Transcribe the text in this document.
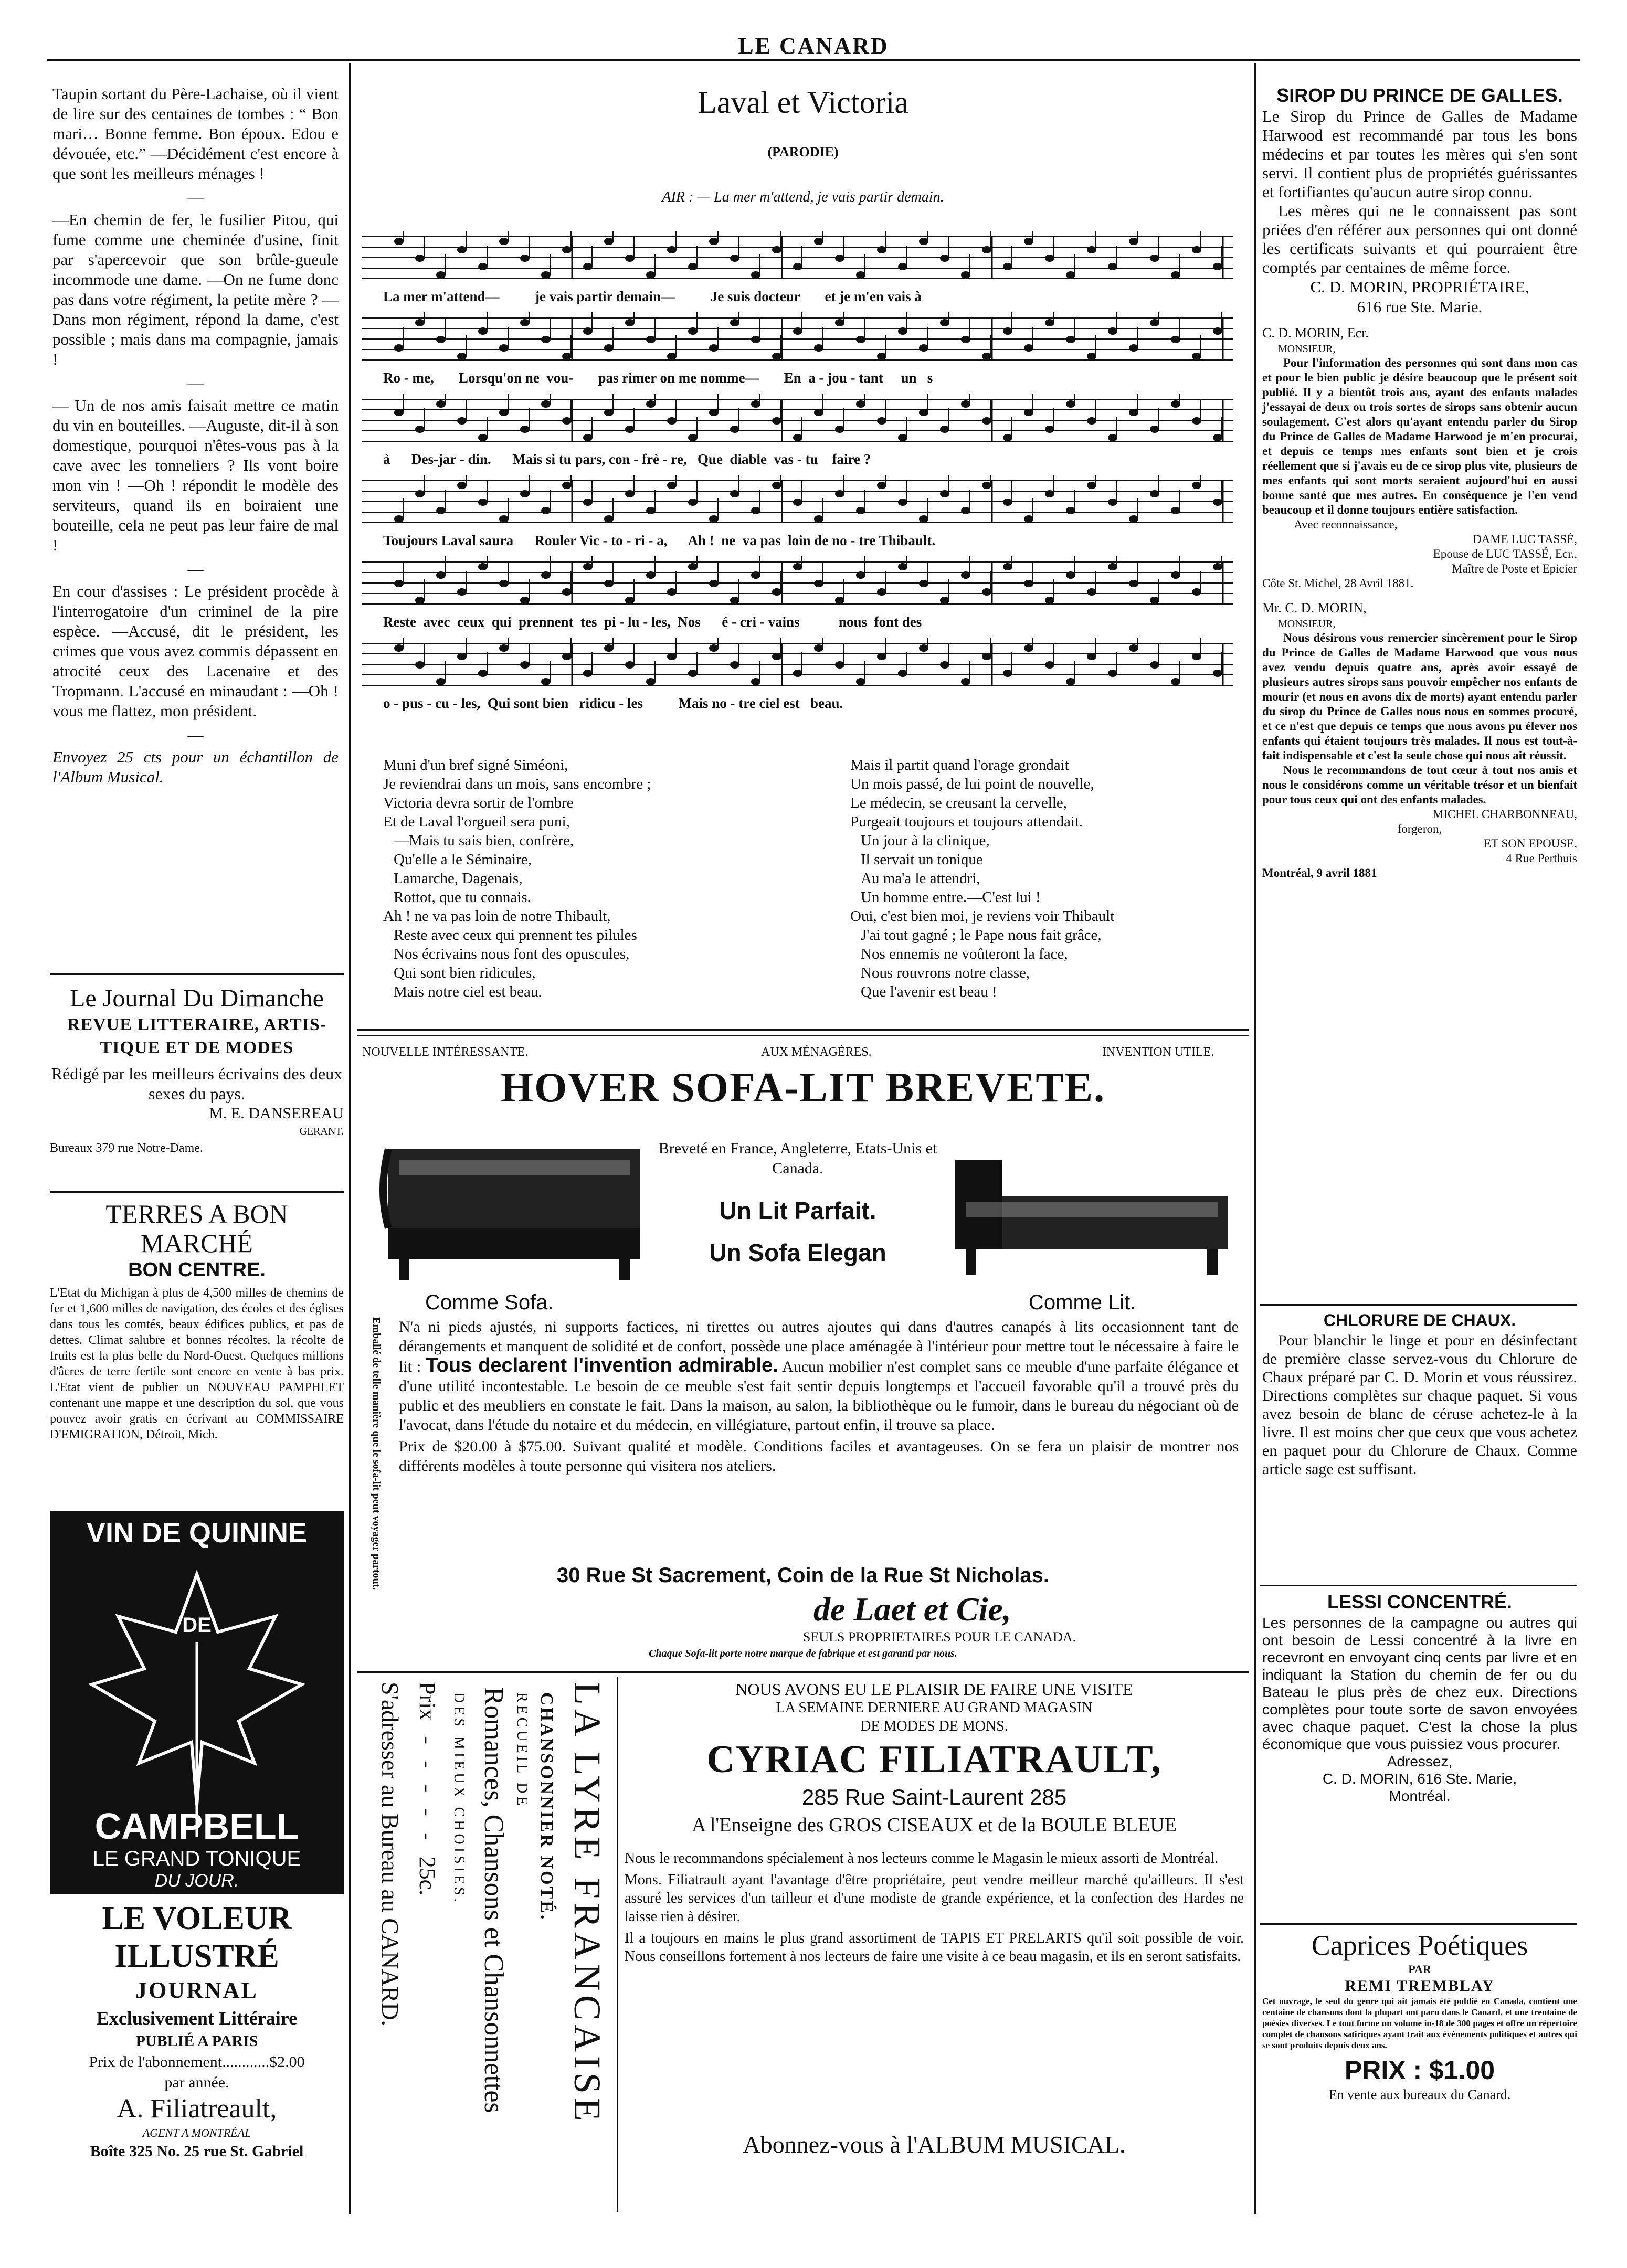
LE CANARD

Taupin sortant du Père-Lachaise, où il vient de lire sur des centaines de tombes : “ Bon mari… Bonne femme. Bon époux. Edou e dévouée, etc.” —Décidément c'est encore à que sont les meilleurs ménages !

—

—En chemin de fer, le fusilier Pitou, qui fume comme une cheminée d'usine, finit par s'apercevoir que son brûle-gueule incommode une dame. —On ne fume donc pas dans votre régiment, la petite mère ? —Dans mon régiment, répond la dame, c'est possible ; mais dans ma compagnie, jamais !

—

— Un de nos amis faisait mettre ce matin du vin en bouteilles. —Auguste, dit-il à son domestique, pourquoi n'êtes-vous pas à la cave avec les tonneliers ? Ils vont boire mon vin ! —Oh ! répondit le modèle des serviteurs, quand ils en boiraient une bouteille, cela ne peut pas leur faire de mal !

—

En cour d'assises : Le président procède à l'interrogatoire d'un criminel de la pire espèce. —Accusé, dit le président, les crimes que vous avez commis dépassent en atrocité ceux des Lacenaire et des Tropmann. L'accusé en minaudant : —Oh ! vous me flattez, mon président.

—

Envoyez 25 cts pour un échantillon de l'Album Musical.

Le Journal Du Dimanche
REVUE LITTERAIRE, ARTIS-
TIQUE ET DE MODES
Rédigé par les meilleurs écrivains des deux sexes du pays.
M. E. DANSEREAU
GERANT.
Bureaux 379 rue Notre-Dame.
TERRES A BON MARCHÉ
BON CENTRE.
L'Etat du Michigan à plus de 4,500 milles de chemins de fer et 1,600 milles de navigation, des écoles et des églises dans tous les comtés, beaux édifices publics, et pas de dettes. Climat salubre et bonnes récoltes, la récolte de fruits est la plus belle du Nord-Ouest. Quelques millions d'âcres de terre fertile sont encore en vente à bas prix. L'Etat vient de publier un NOUVEAU PAMPHLET contenant une mappe et une description du sol, que vous pouvez avoir gratis en écrivant au COMMISSAIRE D'EMIGRATION, Détroit, Mich.
VIN DE QUININE
DE
CAMPBELL
LE GRAND TONIQUE
DU JOUR.
LE VOLEUR ILLUSTRÉ
JOURNAL
Exclusivement Littéraire
PUBLIÉ A PARIS
Prix de l'abonnement............$2.00
par année.
A. Filiatreault,
AGENT A MONTRÉAL
Boîte 325 No. 25 rue St. Gabriel
Laval et Victoria
(PARODIE)
AIR : — La mer m'attend, je vais partir demain.
La mer m'attend—          je vais partir demain—          Je suis docteur       et je m'en vais à
Ro - me,       Lorsqu'on ne  vou-       pas rimer on me nomme—       En  a - jou - tant     un   s
à      Des-jar - din.      Mais si tu pars, con - frè - re,   Que  diable  vas - tu    faire ?
Toujours Laval saura      Rouler Vic - to - ri - a,      Ah !  ne  va pas  loin de no - tre Thibault.
Reste  avec  ceux  qui  prennent  tes  pi - lu - les,  Nos      é - cri - vains           nous  font des
o - pus - cu - les,  Qui sont bien   ridicu - les          Mais no - tre ciel est   beau.
Muni d'un bref signé Siméoni,
Je reviendrai dans un mois, sans encombre ;
Victoria devra sortir de l'ombre
Et de Laval l'orgueil sera puni,
—Mais tu sais bien, confrère,
Qu'elle a le Séminaire,
Lamarche, Dagenais,
Rottot, que tu connais.
Ah ! ne va pas loin de notre Thibault,
Reste avec ceux qui prennent tes pilules
Nos écrivains nous font des opuscules,
Qui sont bien ridicules,
Mais notre ciel est beau.
Mais il partit quand l'orage grondait
Un mois passé, de lui point de nouvelle,
Le médecin, se creusant la cervelle,
Purgeait toujours et toujours attendait.
Un jour à la clinique,
Il servait un tonique
Au ma'a le attendri,
Un homme entre.—C'est lui !
Oui, c'est bien moi, je reviens voir Thibault
J'ai tout gagné ; le Pape nous fait grâce,
Nos ennemis ne voûteront la face,
Nous rouvrons notre classe,
Que l'avenir est beau !
NOUVELLE INTÉRESSANTE.	AUX MÉNAGÈRES.	INVENTION UTILE.
HOVER SOFA-LIT BREVETE.
Breveté en France, Angleterre, Etats-Unis et Canada.
Un Lit Parfait.
Un Sofa Elegan
Comme Sofa.	Comme Lit.
Emballé de telle manière que le sofa-lit peut voyager partout. N'a ni pieds ajustés, ni supports factices, ni tirettes ou autres ajoutes qui dans d'autres canapés à lits occasionnent tant de dérangements et manquent de solidité et de confort, possède une place aménagée à l'intérieur pour mettre tout le nécessaire à faire le lit : Tous declarent l'invention admirable. Aucun mobilier n'est complet sans ce meuble d'une parfaite élégance et d'une utilité incontestable. Le besoin de ce meuble s'est fait sentir depuis longtemps et l'accueil favorable qu'il a trouvé près du public et des meubliers en constate le fait. Dans la maison, au salon, la bibliothèque ou le fumoir, dans le bureau du négociant où de l'avocat, dans l'étude du notaire et du médecin, en villégiature, partout enfin, il trouve sa place.
Prix de $20.00 à $75.00. Suivant qualité et modèle. Conditions faciles et avantageuses. On se fera un plaisir de montrer nos différents modèles à toute personne qui visitera nos ateliers.
30 Rue St Sacrement, Coin de la Rue St Nicholas.
de Laet et Cie,
SEULS PROPRIETAIRES POUR LE CANADA.
Chaque Sofa-lit porte notre marque de fabrique et est garanti par nous.
LA LYRE FRANCAISE
CHANSONNIER NOTÉ.
RECUEIL DE
Romances, Chansons et Chansonnettes
DES MIEUX CHOISIES.
Prix - - - - - 25c.
S'adresser au Bureau au CANARD.	NOUS AVONS EU LE PLAISIR DE FAIRE UNE VISITE
LA SEMAINE DERNIERE AU GRAND MAGASIN
DE MODES DE MONS.
CYRIAC FILIATRAULT,
285 Rue Saint-Laurent 285
A l'Enseigne des GROS CISEAUX et de la BOULE BLEUE
Nous le recommandons spécialement à nos lecteurs comme le Magasin le mieux assorti de Montréal.
Mons. Filiatrault ayant l'avantage d'être propriétaire, peut vendre meilleur marché qu'ailleurs. Il s'est assuré les services d'un tailleur et d'une modiste de grande expérience, et la confection des Hardes ne laisse rien à désirer.
Il a toujours en mains le plus grand assortiment de TAPIS ET PRELARTS qu'il soit possible de voir. Nous conseillons fortement à nos lecteurs de faire une visite à ce beau magasin, et ils en seront satisfaits.
Abonnez-vous à l'ALBUM MUSICAL.
SIROP DU PRINCE DE GALLES.
Le Sirop du Prince de Galles de Madame Harwood est recommandé par tous les bons médecins et par toutes les mères qui s'en sont servi. Il contient plus de propriétés guérissantes et fortifiantes qu'aucun autre sirop connu.
Les mères qui ne le connaissent pas sont priées d'en référer aux personnes qui ont donné les certificats suivants et qui pourraient être comptés par centaines de même force.
C. D. MORIN, PROPRIÉTAIRE,
616 rue Ste. Marie.
C. D. MORIN, Ecr.
MONSIEUR,
Pour l'information des personnes qui sont dans mon cas et pour le bien public je désire beaucoup que le présent soit publié. Il y a bientôt trois ans, ayant des enfants malades j'essayai de deux ou trois sortes de sirops sans obtenir aucun soulagement. C'est alors qu'ayant entendu parler du Sirop du Prince de Galles de Madame Harwood je m'en procurai, et depuis ce temps mes enfants sont bien et je crois réellement que si j'avais eu de ce sirop plus vite, plusieurs de mes enfants qui sont morts seraient aujourd'hui en aussi bonne santé que mes autres. En conséquence je l'en vend beaucoup et il donne toujours entière satisfaction.
Avec reconnaissance,
DAME LUC TASSÉ,
Epouse de LUC TASSÉ, Ecr.,
Maître de Poste et Epicier
Côte St. Michel, 28 Avril 1881.
Mr. C. D. MORIN,
MONSIEUR,
Nous désirons vous remercier sincèrement pour le Sirop du Prince de Galles de Madame Harwood que vous nous avez vendu depuis quatre ans, après avoir essayé de plusieurs autres sirops sans pouvoir empêcher nos enfants de mourir (et nous en avons dix de morts) ayant entendu parler du sirop du Prince de Galles nous nous en sommes procuré, et ce n'est que depuis ce temps que nous avons pu élever nos enfants qui étaient toujours très malades. Il nous est tout-à-fait indispensable et c'est la seule chose qui nous ait réussit.
Nous le recommandons de tout cœur à tout nos amis et nous le considérons comme un véritable trésor et un bienfait pour tous ceux qui ont des enfants malades.
MICHEL CHARBONNEAU,
forgeron,
ET SON EPOUSE,
4 Rue Perthuis
Montréal, 9 avril 1881
CHLORURE DE CHAUX.
Pour blanchir le linge et pour en désinfectant de première classe servez-vous du Chlorure de Chaux préparé par C. D. Morin et vous réussirez. Directions complètes sur chaque paquet. Si vous avez besoin de blanc de céruse achetez-le à la livre. Il est moins cher que ceux que vous achetez en paquet pour du Chlorure de Chaux. Comme article sage est suffisant.
LESSI CONCENTRÉ.
Les personnes de la campagne ou autres qui ont besoin de Lessi concentré à la livre en recevront en envoyant cinq cents par livre et en indiquant la Station du chemin de fer ou du Bateau le plus près de chez eux. Directions complètes pour toute sorte de savon envoyées avec chaque paquet. C'est la chose la plus économique que vous puissiez vous procurer.
Adressez,
C. D. MORIN, 616 Ste. Marie,
Montréal.
Caprices Poétiques
PAR
REMI TREMBLAY
Cet ouvrage, le seul du genre qui ait jamais été publié en Canada, contient une centaine de chansons dont la plupart ont paru dans le Canard, et une trentaine de poésies diverses. Le tout forme un volume in-18 de 300 pages et offre un répertoire complet de chansons satiriques ayant trait aux événements politiques et autres qui se sont produits depuis deux ans.
PRIX : $1.00
En vente aux bureaux du Canard.
